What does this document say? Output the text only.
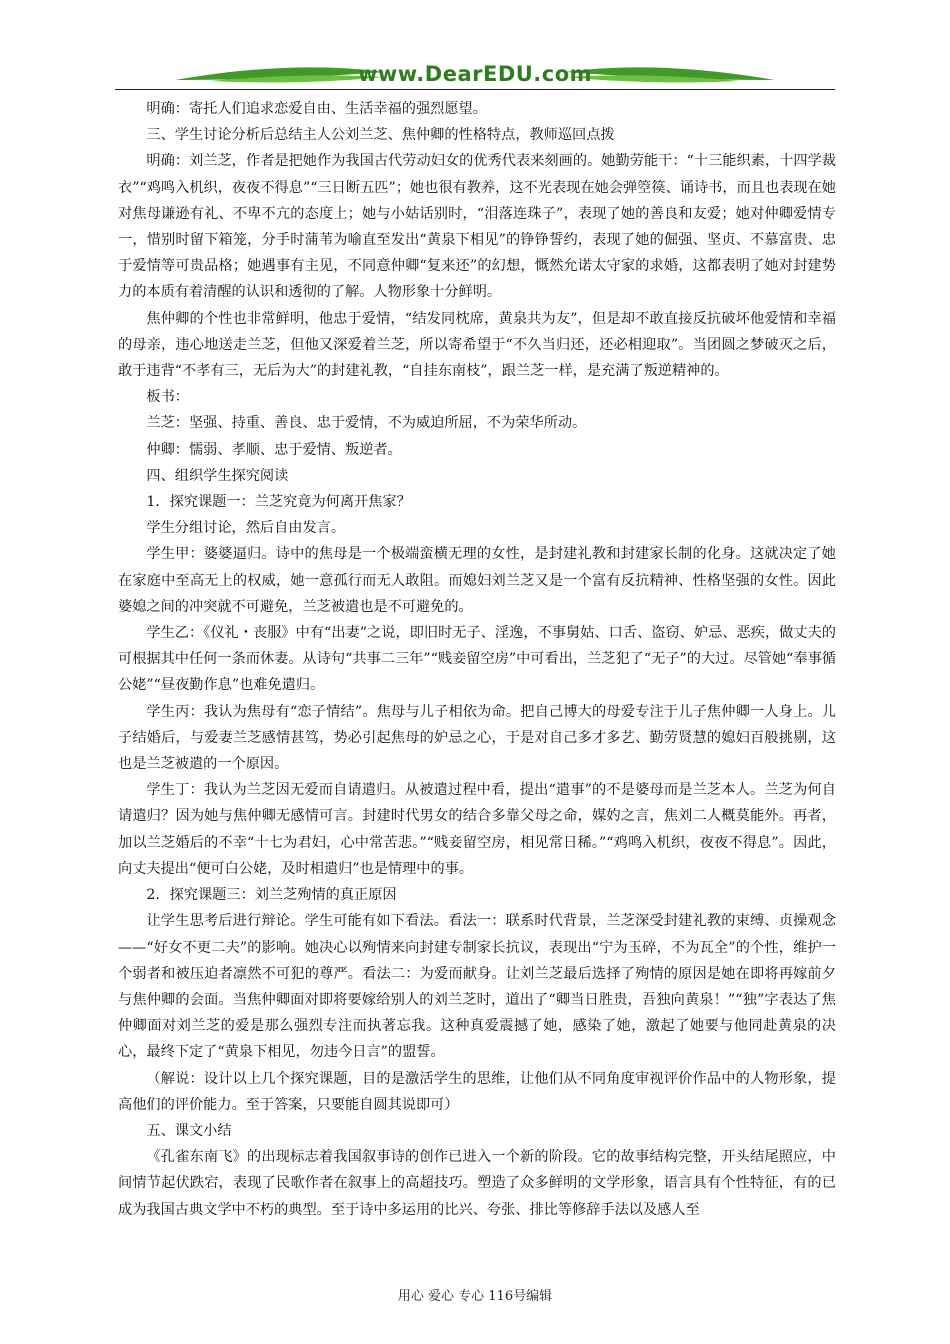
www.DearEDU.com

明确：寄托人们追求恋爱自由、生活幸福的强烈愿望。

三、学生讨论分析后总结主人公刘兰芝、焦仲卿的性格特点，教师巡回点拨

明确：刘兰芝，作者是把她作为我国古代劳动妇女的优秀代表来刻画的。她勤劳能干：“十三能织素，十四学裁衣”“鸡鸣入机织，夜夜不得息”“三日断五匹”；她也很有教养，这不光表现在她会弹箜篌、诵诗书，而且也表现在她对焦母谦逊有礼、不卑不亢的态度上；她与小姑话别时，“泪落连珠子”，表现了她的善良和友爱；她对仲卿爱情专一，惜别时留下箱笼，分手时蒲苇为喻直至发出“黄泉下相见”的铮铮誓约，表现了她的倔强、坚贞、不慕富贵、忠于爱情等可贵品格；她遇事有主见，不同意仲卿“复来还”的幻想，慨然允诺太守家的求婚，这都表明了她对封建势力的本质有着清醒的认识和透彻的了解。人物形象十分鲜明。

焦仲卿的个性也非常鲜明，他忠于爱情，“结发同枕席，黄泉共为友”，但是却不敢直接反抗破坏他爱情和幸福的母亲，违心地送走兰芝，但他又深爱着兰芝，所以寄希望于“不久当归还，还必相迎取”。当团圆之梦破灭之后，敢于违背“不孝有三，无后为大”的封建礼教，“自挂东南枝”，跟兰芝一样，是充满了叛逆精神的。

板书：

兰芝：坚强、持重、善良、忠于爱情，不为威迫所屈，不为荣华所动。

仲卿：懦弱、孝顺、忠于爱情、叛逆者。

四、组织学生探究阅读

1．探究课题一：兰芝究竟为何离开焦家？

学生分组讨论，然后自由发言。

学生甲：婆婆逼归。诗中的焦母是一个极端蛮横无理的女性，是封建礼教和封建家长制的化身。这就决定了她在家庭中至高无上的权威，她一意孤行而无人敢阻。而媳妇刘兰芝又是一个富有反抗精神、性格坚强的女性。因此婆媳之间的冲突就不可避免，兰芝被遣也是不可避免的。

学生乙：《仪礼・丧服》中有“出妻”之说，即旧时无子、淫逸，不事舅姑、口舌、盗窃、妒忌、恶疾，做丈夫的可根据其中任何一条而休妻。从诗句“共事二三年”“贱妾留空房”中可看出，兰芝犯了“无子”的大过。尽管她“奉事循公姥”“昼夜勤作息”也难免遣归。

学生丙：我认为焦母有“恋子情结”。焦母与儿子相依为命。把自己博大的母爱专注于儿子焦仲卿一人身上。儿子结婚后，与爱妻兰芝感情甚笃，势必引起焦母的妒忌之心，于是对自己多才多艺、勤劳贤慧的媳妇百般挑剔，这也是兰芝被遣的一个原因。

学生丁：我认为兰芝因无爱而自请遣归。从被遣过程中看，提出“遣事”的不是婆母而是兰芝本人。兰芝为何自请遣归？因为她与焦仲卿无感情可言。封建时代男女的结合多靠父母之命，媒妁之言，焦刘二人概莫能外。再者，加以兰芝婚后的不幸“十七为君妇，心中常苦悲。”“贱妾留空房，相见常日稀。”“鸡鸣入机织，夜夜不得息”。因此，向丈夫提出“便可白公姥，及时相遣归”也是情理中的事。

2．探究课题三：刘兰芝殉情的真正原因

让学生思考后进行辩论。学生可能有如下看法。看法一：联系时代背景，兰芝深受封建礼教的束缚、贞操观念——“好女不更二夫”的影响。她决心以殉情来向封建专制家长抗议，表现出“宁为玉碎，不为瓦全”的个性，维护一个弱者和被压迫者凛然不可犯的尊严。看法二：为爱而献身。让刘兰芝最后选择了殉情的原因是她在即将再嫁前夕与焦仲卿的会面。当焦仲卿面对即将要嫁给别人的刘兰芝时，道出了“卿当日胜贵，吾独向黄泉！”“独”字表达了焦仲卿面对刘兰芝的爱是那么强烈专注而执著忘我。这种真爱震撼了她，感染了她，激起了她要与他同赴黄泉的决心，最终下定了“黄泉下相见，勿违今日言”的盟誓。

（解说：设计以上几个探究课题，目的是激活学生的思维，让他们从不同角度审视评价作品中的人物形象，提高他们的评价能力。至于答案，只要能自圆其说即可）

五、课文小结

《孔雀东南飞》的出现标志着我国叙事诗的创作已进入一个新的阶段。它的故事结构完整，开头结尾照应，中间情节起伏跌宕，表现了民歌作者在叙事上的高超技巧。塑造了众多鲜明的文学形象，语言具有个性特征，有的已成为我国古典文学中不朽的典型。至于诗中多运用的比兴、夸张、排比等修辞手法以及感人至

用心 爱心 专心 116号编辑
